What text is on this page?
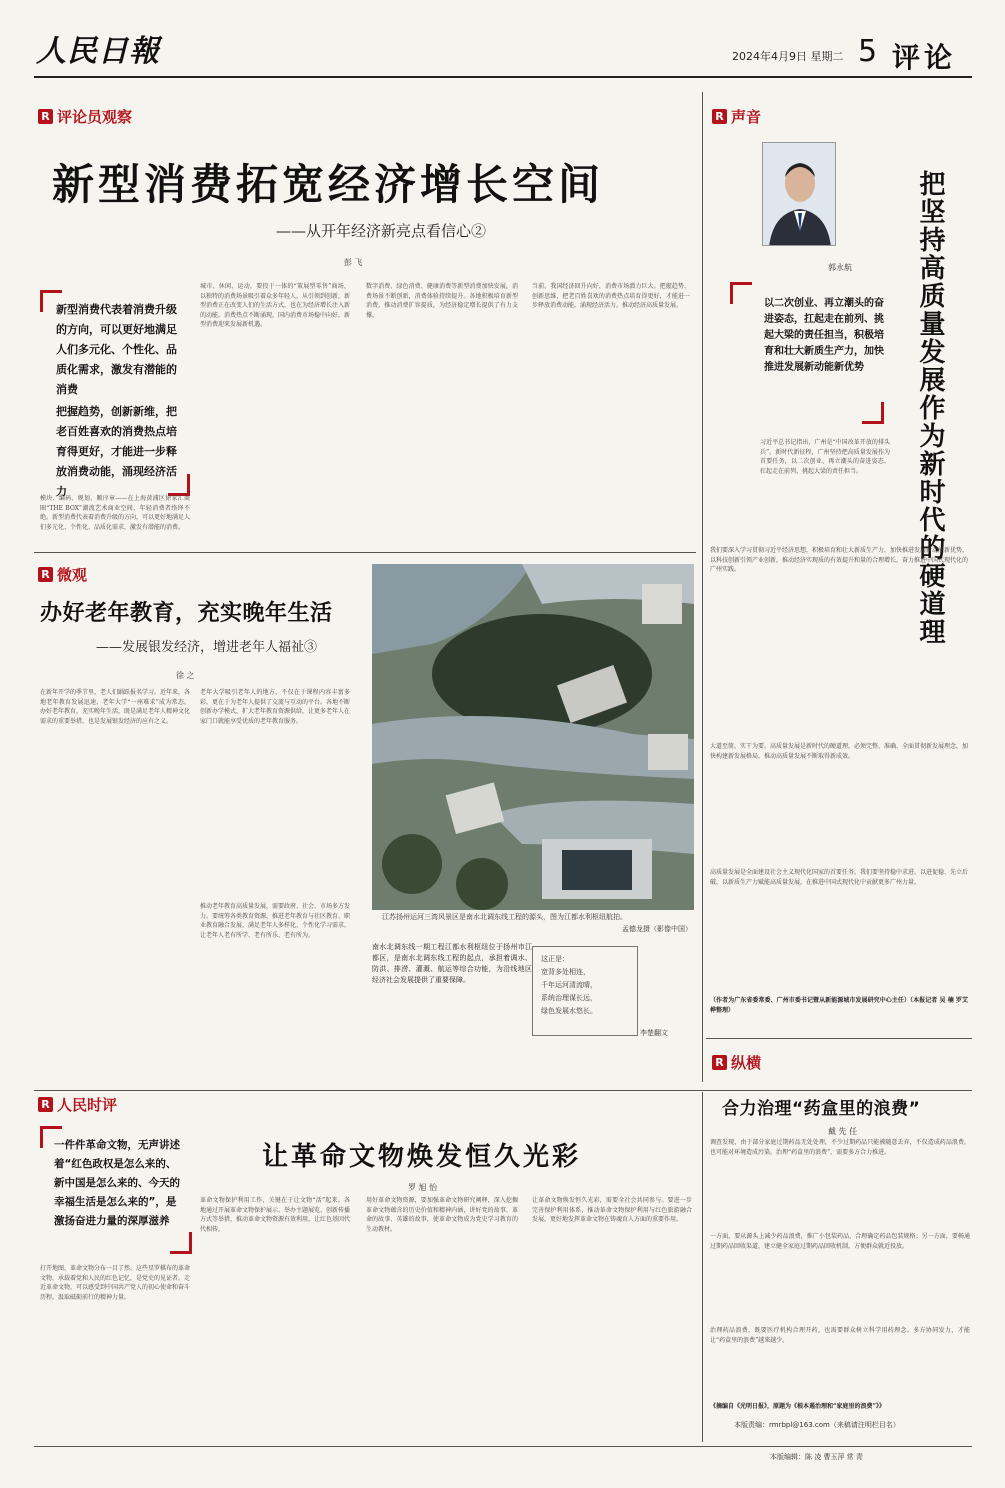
人民日報	2024年4月9日 星期二 5 评论
R 评论员观察
新型消费拓宽经济增长空间
——从开年经济新亮点看信心②
彭 飞
新型消费代表着消费升级的方向，可以更好地满足人们多元化、个性化、品质化需求，激发有潜能的消费
把握趋势，创新新维，把老百姓喜欢的消费热点培育得更好，才能进一步释放消费动能，涌现经济活力
模块、编码、规划、顺序章——在上海黄浦区徐家汇商圈“THE BOX”潮流艺术商业空间，年轻消费者络绎不绝。新型消费代表着消费升级的方向，可以更好地满足人们多元化、个性化、品质化需求，激发有潜能的消费。
城市、休闲、运动，要投于一体的“策展型零售”商场，以独特的消费场景吸引着众多年轻人。从引领到创新，新型消费正在改变人们的生活方式，也在为经济增长注入新的动能。消费热点不断涌现，国内消费市场稳中向好，新型消费迎来发展新机遇。
数字消费、绿色消费、健康消费等新型消费加快发展，消费场景不断创新，消费体验持续提升。各地积极培育新型消费，推动消费扩容提质，为经济稳定增长提供了有力支撑。
当前，我国经济回升向好，消费市场潜力巨大。把握趋势、创新思维，把老百姓喜欢的消费热点培育得更好，才能进一步释放消费动能，涌现经济活力，推动经济高质量发展。
R 声音
郭永航 把坚持高质量发展作为新时代的硬道理
以二次创业、再立潮头的奋进姿态，扛起走在前列、挑起大梁的责任担当，积极培育和壮大新质生产力，加快推进发展新动能新优势
习近平总书记指出，广州是“中国改革开放的排头兵”。新时代新征程，广州坚持把高质量发展作为首要任务，以二次创业、再立潮头的奋进姿态，扛起走在前列、挑起大梁的责任担当。
我们要深入学习贯彻习近平经济思想，积极培育和壮大新质生产力，加快推进发展新动能新优势，以科技创新引领产业创新，推动经济实现质的有效提升和量的合理增长，奋力推进中国式现代化的广州实践。
大道至简，实干为要。高质量发展是新时代的硬道理，必须完整、准确、全面贯彻新发展理念，加快构建新发展格局，推动高质量发展不断取得新成效。
高质量发展是全面建设社会主义现代化国家的首要任务。我们要坚持稳中求进、以进促稳、先立后破，以新质生产力赋能高质量发展，在推进中国式现代化中贡献更多广州力量。
（作者为广东省委常委、广州市委书记暨从新能源城市发展研究中心主任）（本报记者 吴 楠 罗艾桦整理）
R 微观
办好老年教育，充实晚年生活
——发展银发经济，增进老年人福祉③
徐 之
在新年开学的季节里，老人们踊跃报名学习。近年来，各地老年教育发展迅速，老年大学“一座难求”成为常态。办好老年教育，充实晚年生活，既是满足老年人精神文化需求的重要举措，也是发展银发经济的应有之义。
老年大学吸引老年人的地方，不仅在于课程内容丰富多彩，更在于为老年人提供了交流与互动的平台。各地不断创新办学模式，扩大老年教育资源供给，让更多老年人在家门口就能享受优质的老年教育服务。
推动老年教育高质量发展，需要政府、社会、市场多方发力。要统筹各类教育资源，推进老年教育与社区教育、职业教育融合发展，满足老年人多样化、个性化学习需求，让老年人老有所学、老有所乐、老有所为。
江苏扬州运河三湾风景区是南水北调东线工程的源头，图为江都水利枢纽航拍。
孟德龙摄（影像中国）
南水北调东线一期工程江都水利枢纽位于扬州市江都区，是南水北调东线工程的起点，承担着调水、防洪、排涝、灌溉、航运等综合功能，为沿线地区经济社会发展提供了重要保障。
这正是：
宽背多处相连，
千年运河清流晴，
系统治理谋长远，
绿色发展水悠长。
李楚翻文
R 纵横
合力治理“药盒里的浪费”
戴 先 任
调查发现，由于部分家庭过期药品无处处理，不少过期药品只能被随意丢弃，不仅造成药品浪费，也可能对环境造成污染。治理“药盒里的浪费”，需要多方合力推进。
一方面，要从源头上减少药品浪费，推广小包装药品，合理确定药品包装规格；另一方面，要畅通过期药品回收渠道，建立健全家庭过期药品回收机制，方便群众就近投放。
治理药品浪费，既要医疗机构合理开药，也需要群众树立科学用药理念。多方协同发力，才能让“药盒里的浪费”越来越少。
《摘编自《光明日报》，原题为《根本遏治理和“家庭里的浪费”》》
R 人民时评
让革命文物焕发恒久光彩
罗 旭 怡
一件件革命文物，无声讲述着“红色政权是怎么来的、新中国是怎么来的、今天的幸福生活是怎么来的”，是激扬奋进力量的深厚滋养
打开地图，革命文物分布一目了然。这些星罗棋布的革命文物，承载着党和人民的红色记忆，是党史的见证者。走近革命文物，可以感受到中国共产党人的初心使命和奋斗历程，汲取砥砺前行的精神力量。
革命文物保护利用工作，关键在于让文物“活”起来。各地通过开展革命文物保护展示、举办主题展览、创新传播方式等举措，推动革命文物资源有效利用，让红色基因代代相传。
用好革命文物资源，要加强革命文物研究阐释，深入挖掘革命文物蕴含的历史价值和精神内涵，讲好党的故事、革命的故事、英雄的故事，使革命文物成为党史学习教育的生动教材。
让革命文物焕发恒久光彩，需要全社会共同参与。要进一步完善保护利用体系，推动革命文物保护利用与红色旅游融合发展，更好地发挥革命文物在铸魂育人方面的重要作用。
本版责编：rmrbpl@163.com（来稿请注明栏目名）
本版编辑：陈 凌 曹玉萍 常 青
